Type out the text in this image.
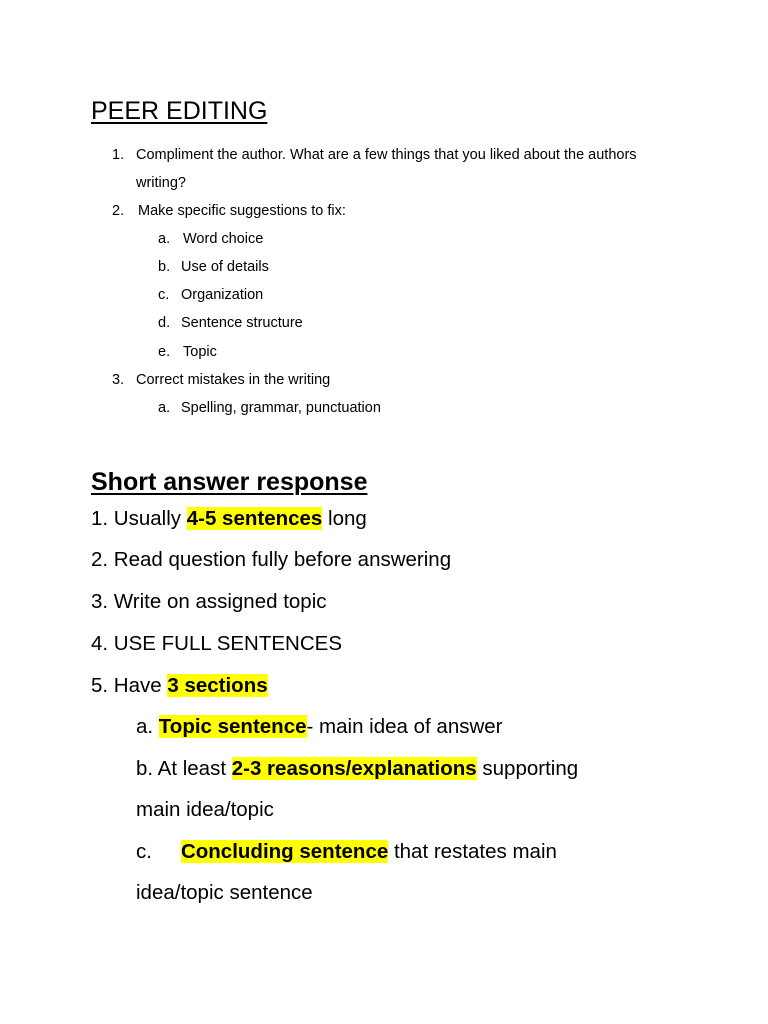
PEER EDITING
1. Compliment the author. What are a few things that you liked about the authors
writing?
2. Make specific suggestions to fix:
a. Word choice
b. Use of details
c. Organization
d. Sentence structure
e. Topic
3. Correct mistakes in the writing
a. Spelling, grammar, punctuation
Short answer response
1. Usually 4-5 sentences long
2. Read question fully before answering
3. Write on assigned topic
4. USE FULL SENTENCES
5. Have 3 sections
a. Topic sentence- main idea of answer
b. At least 2-3 reasons/explanations supporting
main idea/topic
c. Concluding sentence that restates main
idea/topic sentence
